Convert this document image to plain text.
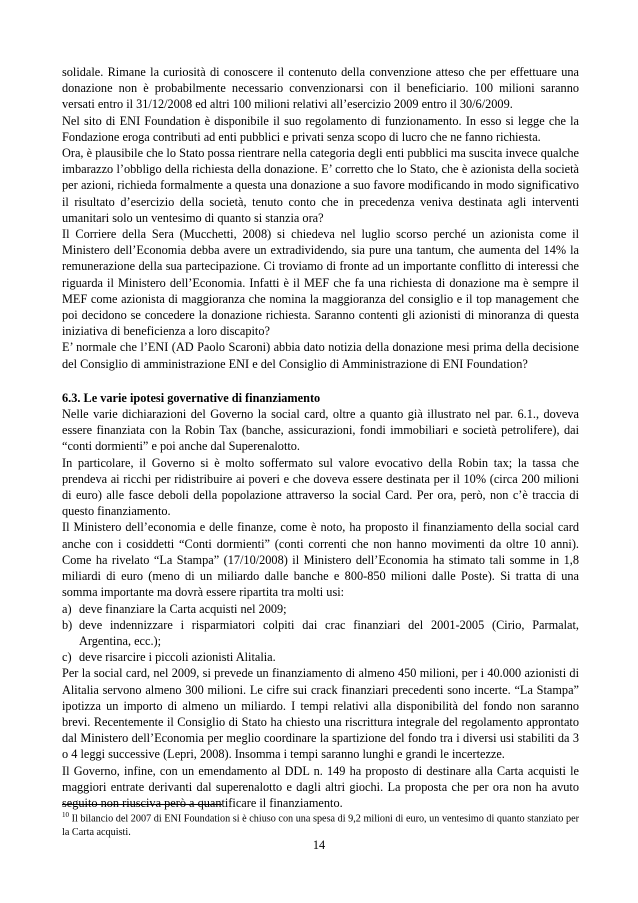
solidale. Rimane la curiosità di conoscere il contenuto della convenzione atteso che per effettuare una donazione non è probabilmente necessario convenzionarsi con il beneficiario. 100 milioni saranno versati entro il 31/12/2008 ed altri 100 milioni relativi all’esercizio 2009 entro il 30/6/2009.

Nel sito di ENI Foundation è disponibile il suo regolamento di funzionamento. In esso si legge che la Fondazione eroga contributi ad enti pubblici e privati senza scopo di lucro che ne fanno richiesta.

Ora, è plausibile che lo Stato possa rientrare nella categoria degli enti pubblici ma suscita invece qualche imbarazzo l’obbligo della richiesta della donazione. E’ corretto che lo Stato, che è azionista della società per azioni, richieda formalmente a questa una donazione a suo favore modificando in modo significativo il risultato d’esercizio della società, tenuto conto che in precedenza veniva destinata agli interventi umanitari solo un ventesimo di quanto si stanzia ora?

Il Corriere della Sera (Mucchetti, 2008) si chiedeva nel luglio scorso perché un azionista come il Ministero dell’Economia debba avere un extradividendo, sia pure una tantum, che aumenta del 14% la remunerazione della sua partecipazione. Ci troviamo di fronte ad un importante conflitto di interessi che riguarda il Ministero dell’Economia. Infatti è il MEF che fa una richiesta di donazione ma è sempre il MEF come azionista di maggioranza che nomina la maggioranza del consiglio e il top management che poi decidono se concedere la donazione richiesta. Saranno contenti gli azionisti di minoranza di questa iniziativa di beneficienza a loro discapito?

E’ normale che l’ENI (AD Paolo Scaroni) abbia dato notizia della donazione mesi prima della decisione del Consiglio di amministrazione ENI e del Consiglio di Amministrazione di ENI Foundation?

6.3. Le varie ipotesi governative di finanziamento

Nelle varie dichiarazioni del Governo la social card, oltre a quanto già illustrato nel par. 6.1., doveva essere finanziata con la Robin Tax (banche, assicurazioni, fondi immobiliari e società petrolifere), dai “conti dormienti” e poi anche dal Superenalotto.

In particolare, il Governo si è molto soffermato sul valore evocativo della Robin tax; la tassa che prendeva ai ricchi per ridistribuire ai poveri e che doveva essere destinata per il 10% (circa 200 milioni di euro) alle fasce deboli della popolazione attraverso la social Card. Per ora, però, non c’è traccia di questo finanziamento.

Il Ministero dell’economia e delle finanze, come è noto, ha proposto il finanziamento della social card anche con i cosiddetti “Conti dormienti” (conti correnti che non hanno movimenti da oltre 10 anni). Come ha rivelato “La Stampa” (17/10/2008) il Ministero dell’Economia ha stimato tali somme in 1,8 miliardi di euro (meno di un miliardo dalle banche e 800-850 milioni dalle Poste). Si tratta di una somma importante ma dovrà essere ripartita tra molti usi:

a) deve finanziare la Carta acquisti nel 2009;
b) deve indennizzare i risparmiatori colpiti dai crac finanziari del 2001-2005 (Cirio, Parmalat, Argentina, ecc.);
c) deve risarcire i piccoli azionisti Alitalia.

Per la social card, nel 2009, si prevede un finanziamento di almeno 450 milioni, per i 40.000 azionisti di Alitalia servono almeno 300 milioni. Le cifre sui crack finanziari precedenti sono incerte. “La Stampa” ipotizza un importo di almeno un miliardo. I tempi relativi alla disponibilità del fondo non saranno brevi. Recentemente il Consiglio di Stato ha chiesto una riscrittura integrale del regolamento approntato dal Ministero dell’Economia per meglio coordinare la spartizione del fondo tra i diversi usi stabiliti da 3 o 4 leggi successive (Lepri, 2008). Insomma i tempi saranno lunghi e grandi le incertezze.

Il Governo, infine, con un emendamento al DDL n. 149 ha proposto di destinare alla Carta acquisti le maggiori entrate derivanti dal superenalotto e dagli altri giochi. La proposta che per ora non ha avuto seguito non riusciva però a quantificare il finanziamento.

$^{10}$ Il bilancio del 2007 di ENI Foundation si è chiuso con una spesa di 9,2 milioni di euro, un ventesimo di quanto stanziato per la Carta acquisti.
14
